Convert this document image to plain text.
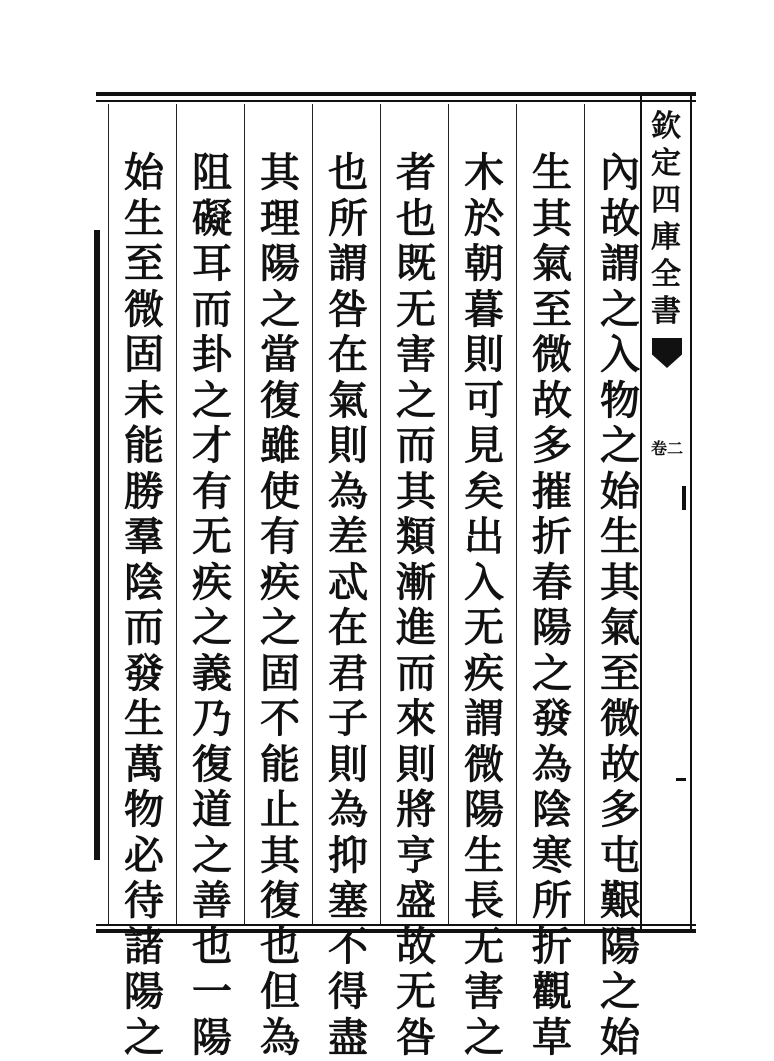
欽定四庫全書
卷二
內故謂之入物之始生其氣至微故多屯艱陽之始
生其氣至微故多摧折春陽之發為陰寒所折觀草
木於朝暮則可見矣出入无疾謂微陽生長无害之
者也既无害之而其類漸進而來則將亨盛故无咎
也所謂咎在氣則為差忒在君子則為抑塞不得盡
其理陽之當復雖使有疾之固不能止其復也但為
阻礙耳而卦之才有无疾之義乃復道之善也一陽
始生至微固未能勝羣陰而發生萬物必待諸陽之
